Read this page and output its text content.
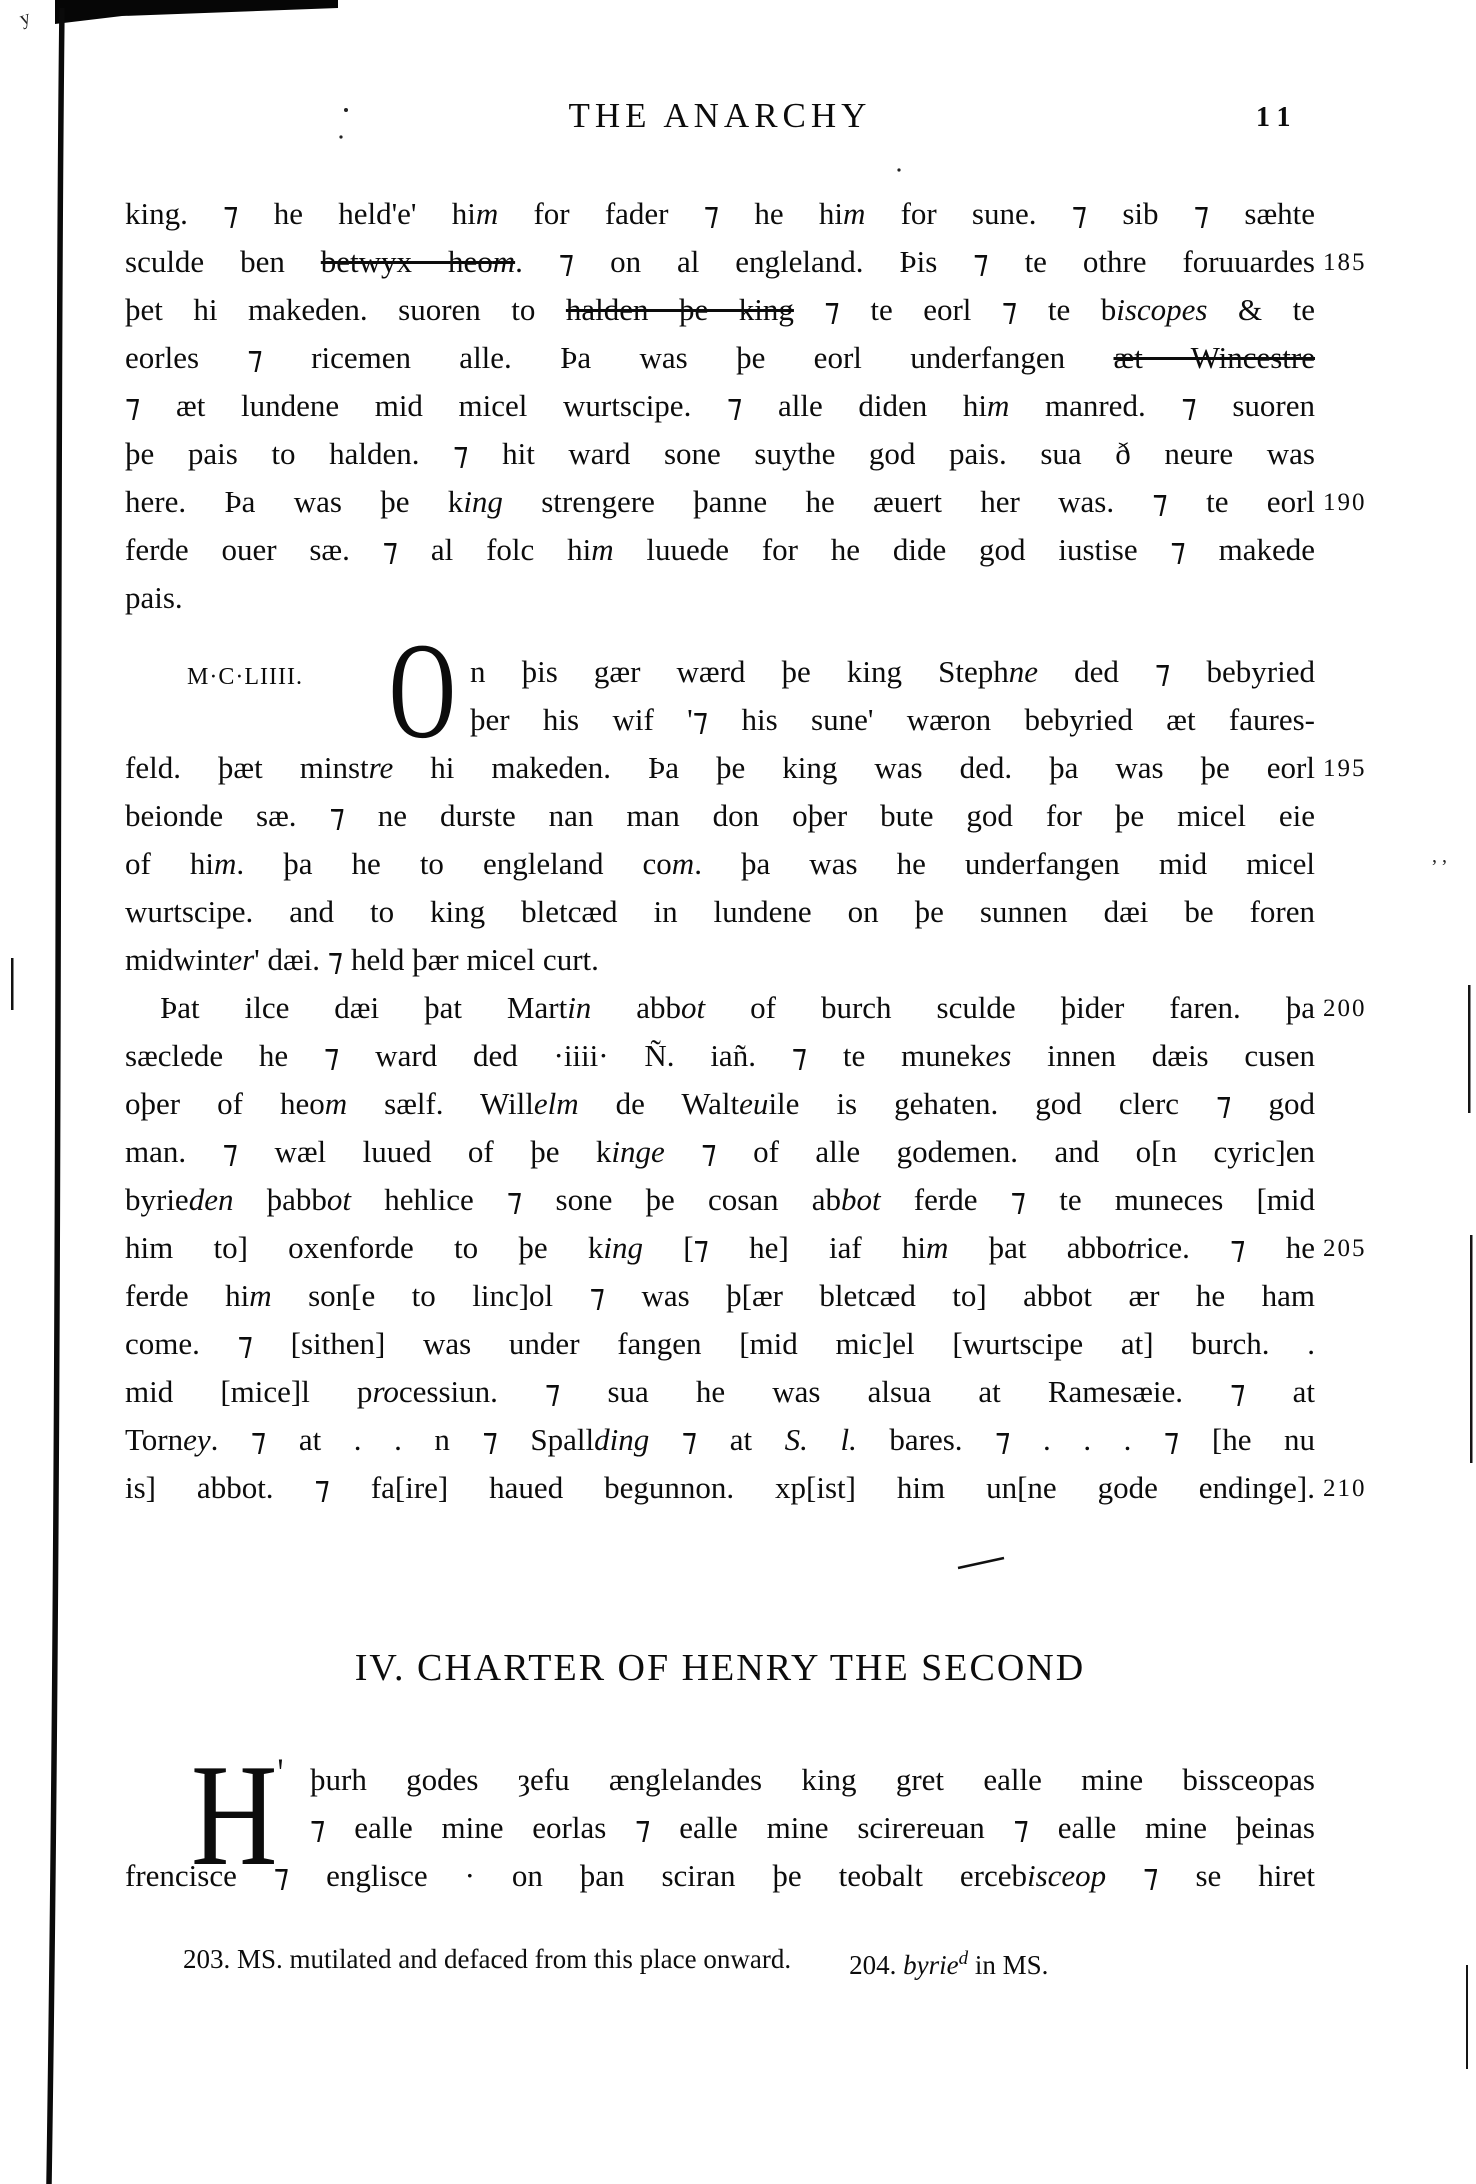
y
, ,
THE ANARCHY	11
king. ⁊ he held'e' him for fader ⁊ he him for sune. ⁊ sib ⁊ sæhte
sculde ben betwyx heom. ⁊ on al engleland. Þis ⁊ te othre foruuardes 185
þet hi makeden. suoren to halden þe king ⁊ te eorl ⁊ te biscopes & te
eorles ⁊ ricemen alle. Þa was þe eorl underfangen æt Wincestre
⁊ æt lundene mid micel wurtscipe. ⁊ alle diden him manred. ⁊ suoren
þe pais to halden. ⁊ hit ward sone suythe god pais. sua ð neure was
here. Þa was þe king strengere þanne he æuert her was. ⁊ te eorl 190
ferde ouer sæ. ⁊ al folc him luuede for he dide god iustise ⁊ makede
pais.
M·C·LIIII. O n þis gær wærd þe king Stephne ded ⁊ bebyried
þer his wif '⁊ his sune' wæron bebyried æt faures-
feld. þæt minstre hi makeden. Þa þe king was ded. þa was þe eorl 195
beionde sæ. ⁊ ne durste nan man don oþer bute god for þe micel eie
of him. þa he to engleland com. þa was he underfangen mid micel
wurtscipe. and to king bletcæd in lundene on þe sunnen dæi be foren
midwinter' dæi. ⁊ held þær micel curt.
Þat ilce dæi þat Martin abbot of burch sculde þider faren. þa 200
sæclede he ⁊ ward ded ·iiii· Ñ. iañ. ⁊ te munekes innen dæis cusen
oþer of heom sælf. Willelm de Walteuile is gehaten. god clerc ⁊ god
man. ⁊ wæl luued of þe kinge ⁊ of alle godemen. and o[n cyric]en
byrieden þabbot hehlice ⁊ sone þe cosan abbot ferde ⁊ te muneces [mid
him to] oxenforde to þe king [⁊ he] iaf him þat abbotrice. ⁊ he 205
ferde him son[e to linc]ol ⁊ was þ[ær bletcæd to] abbot ær he ham
come. ⁊ [sithen] was under fangen [mid mic]el [wurtscipe at] burch. .
mid [mice]l processiun. ⁊ sua he was alsua at Ramesæie. ⁊ at
Torney. ⁊ at . . n ⁊ Spallding ⁊ at S. l. bares. ⁊ . . . ⁊ [he nu
is] abbot. ⁊ fa[ire] haued begunnon. xp[ist] him un[ne gode endinge]. 210
IV. CHARTER OF HENRY THE SECOND
H' þurh godes ȝefu ænglelandes king gret ealle mine bissceopas
⁊ ealle mine eorlas ⁊ ealle mine scirereuan ⁊ ealle mine þeinas
frencisce ⁊ englisce · on þan sciran þe teobalt ercebisceop ⁊ se hiret
203. MS. mutilated and defaced from this place onward. 204. byrie$^d$ in MS.
